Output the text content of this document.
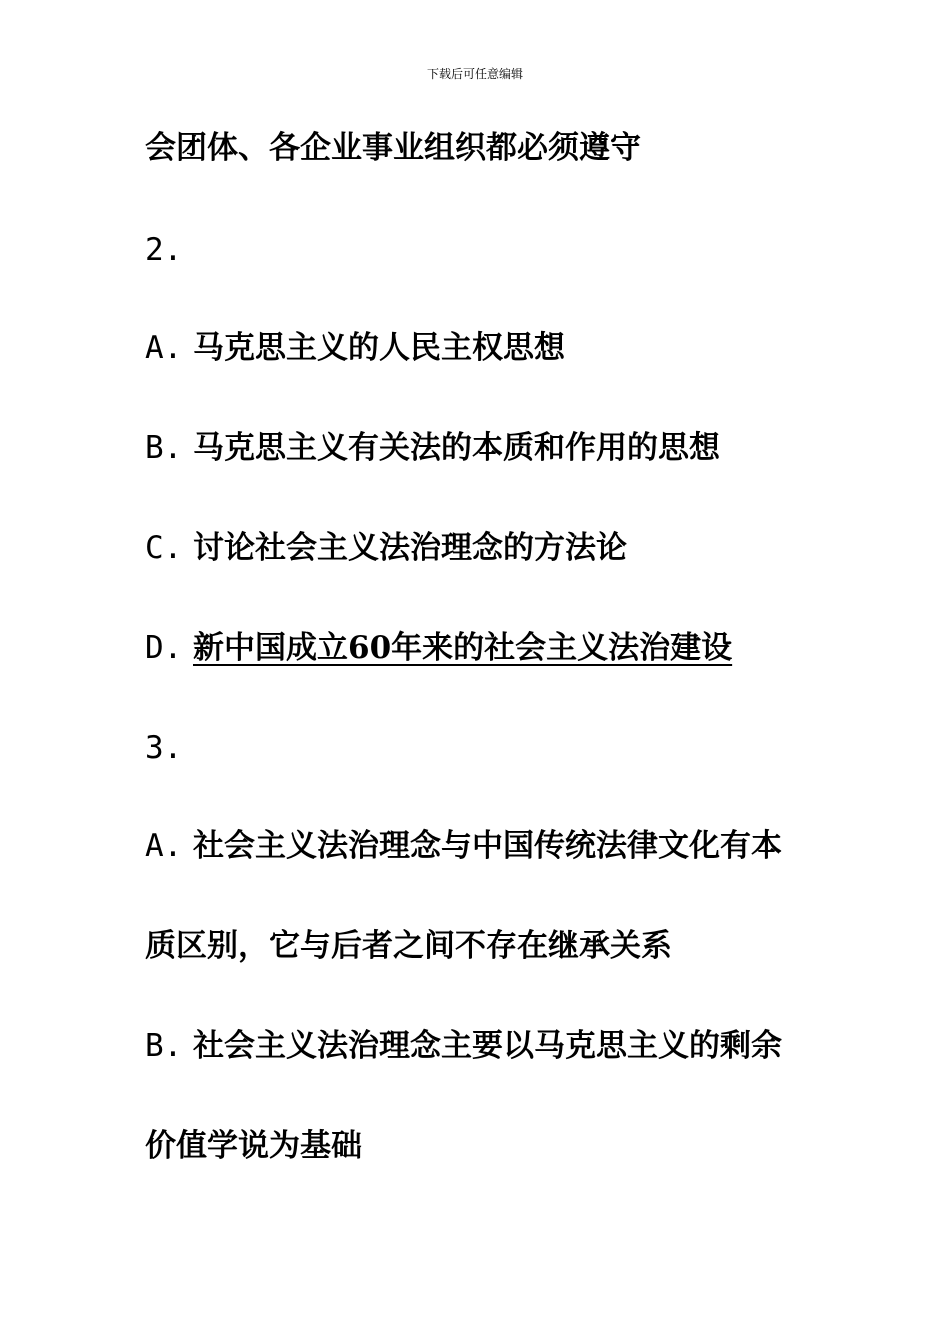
下载后可任意编辑
会团体、各企业事业组织都必须遵守
2.
A. 马克思主义的人民主权思想
B. 马克思主义有关法的本质和作用的思想
C. 讨论社会主义法治理念的方法论
D. 新中国成立60年来的社会主义法治建设
3.
A. 社会主义法治理念与中国传统法律文化有本
质区别，它与后者之间不存在继承关系
B. 社会主义法治理念主要以马克思主义的剩余
价值学说为基础
